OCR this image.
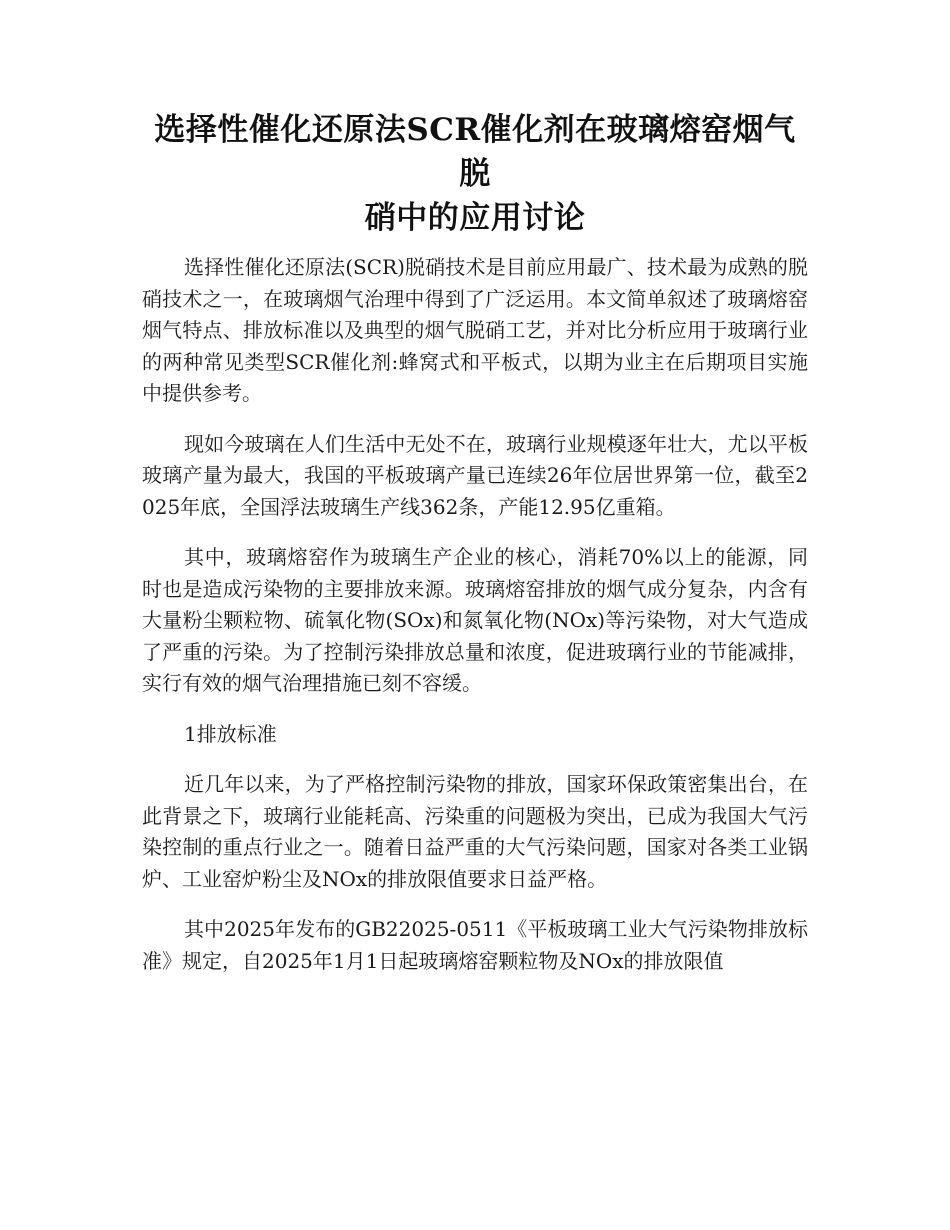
选择性催化还原法SCR催化剂在玻璃熔窑烟气脱
硝中的应用讨论

选择性催化还原法(SCR)脱硝技术是目前应用最广、技术最为成熟的脱硝技术之一，在玻璃烟气治理中得到了广泛运用。本文简单叙述了玻璃熔窑烟气特点、排放标准以及典型的烟气脱硝工艺，并对比分析应用于玻璃行业的两种常见类型SCR催化剂:蜂窝式和平板式，以期为业主在后期项目实施中提供参考。

现如今玻璃在人们生活中无处不在，玻璃行业规模逐年壮大，尤以平板玻璃产量为最大，我国的平板玻璃产量已连续26年位居世界第一位，截至2025年底，全国浮法玻璃生产线362条，产能12.95亿重箱。

其中，玻璃熔窑作为玻璃生产企业的核心，消耗70%以上的能源，同时也是造成污染物的主要排放来源。玻璃熔窑排放的烟气成分复杂，内含有大量粉尘颗粒物、硫氧化物(SOx)和氮氧化物(NOx)等污染物，对大气造成了严重的污染。为了控制污染排放总量和浓度，促进玻璃行业的节能减排，实行有效的烟气治理措施已刻不容缓。

1排放标准

近几年以来，为了严格控制污染物的排放，国家环保政策密集出台，在此背景之下，玻璃行业能耗高、污染重的问题极为突出，已成为我国大气污染控制的重点行业之一。随着日益严重的大气污染问题，国家对各类工业锅炉、工业窑炉粉尘及NOx的排放限值要求日益严格。

其中2025年发布的GB22025-0511《平板玻璃工业大气污染物排放标准》规定，自2025年1月1日起玻璃熔窑颗粒物及NOx的排放限值
